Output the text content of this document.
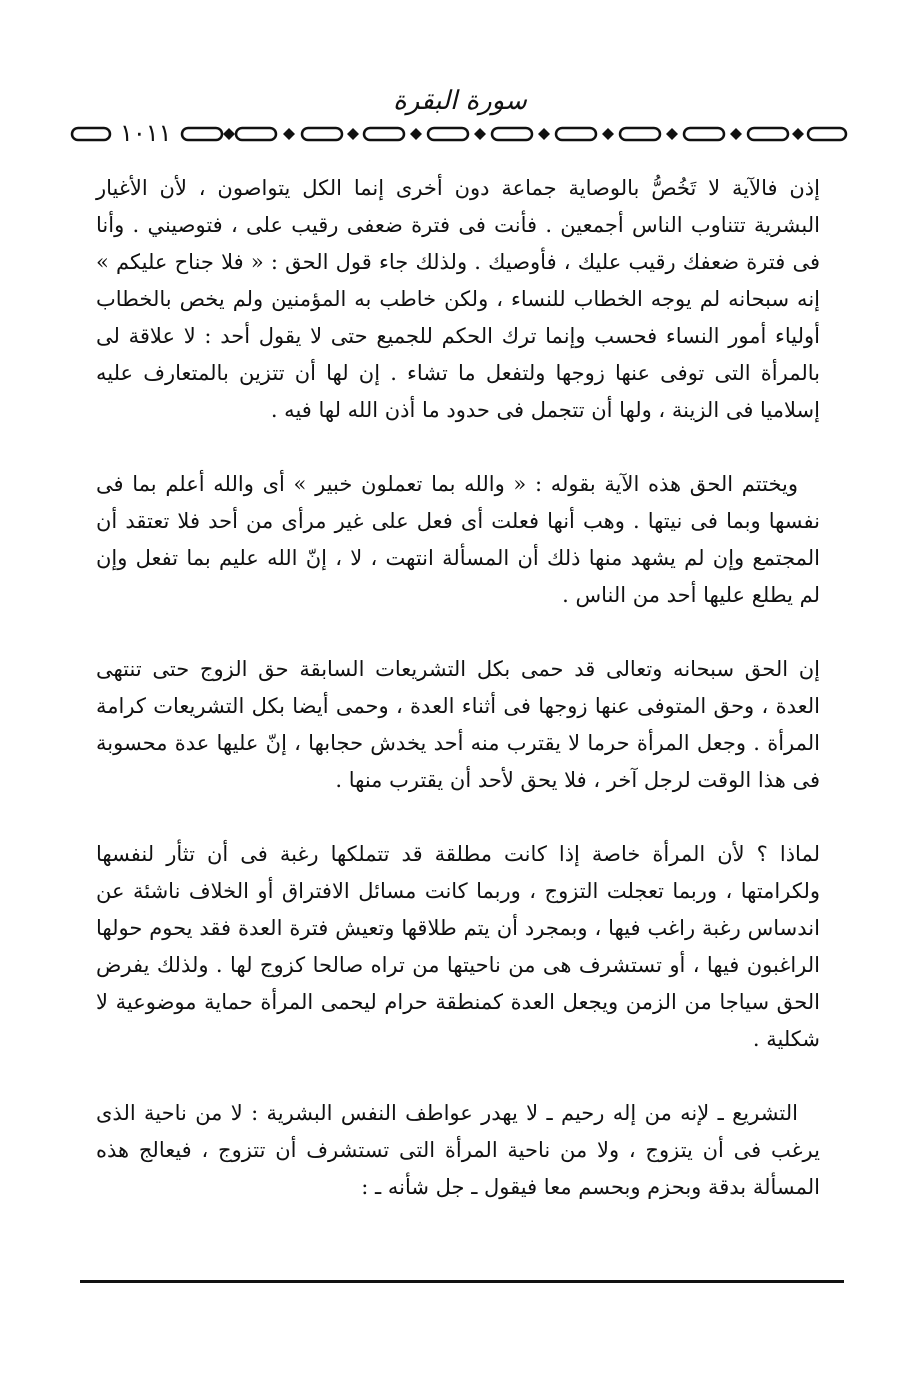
سورة البقرة
١٠١١

إذن فالآية لا تَخُصُّ بالوصاية جماعة دون أخرى إنما الكل يتواصون ، لأن الأغيار البشرية تتناوب الناس أجمعين . فأنت فى فترة ضعفى رقيب على ، فتوصيني . وأنا فى فترة ضعفك رقيب عليك ، فأوصيك . ولذلك جاء قول الحق : « فلا جناح عليكم » إنه سبحانه لم يوجه الخطاب للنساء ، ولكن خاطب به المؤمنين ولم يخص بالخطاب أولياء أمور النساء فحسب وإنما ترك الحكم للجميع حتى لا يقول أحد : لا علاقة لى بالمرأة التى توفى عنها زوجها ولتفعل ما تشاء . إن لها أن تتزين بالمتعارف عليه إسلاميا فى الزينة ، ولها أن تتجمل فى حدود ما أذن الله لها فيه .

ويختتم الحق هذه الآية بقوله : « والله بما تعملون خبير » أى والله أعلم بما فى نفسها وبما فى نيتها . وهب أنها فعلت أى فعل على غير مرأى من أحد فلا تعتقد أن المجتمع وإن لم يشهد منها ذلك أن المسألة انتهت ، لا ، إنّ الله عليم بما تفعل وإن لم يطلع عليها أحد من الناس .

إن الحق سبحانه وتعالى قد حمى بكل التشريعات السابقة حق الزوج حتى تنتهى العدة ، وحق المتوفى عنها زوجها فى أثناء العدة ، وحمى أيضا بكل التشريعات كرامة المرأة . وجعل المرأة حرما لا يقترب منه أحد يخدش حجابها ، إنّ عليها عدة محسوبة فى هذا الوقت لرجل آخر ، فلا يحق لأحد أن يقترب منها .

لماذا ؟ لأن المرأة خاصة إذا كانت مطلقة قد تتملكها رغبة فى أن تثأر لنفسها ولكرامتها ، وربما تعجلت التزوج ، وربما كانت مسائل الافتراق أو الخلاف ناشئة عن اندساس رغبة راغب فيها ، وبمجرد أن يتم طلاقها وتعيش فترة العدة فقد يحوم حولها الراغبون فيها ، أو تستشرف هى من ناحيتها من تراه صالحا كزوج لها . ولذلك يفرض الحق سياجا من الزمن ويجعل العدة كمنطقة حرام ليحمى المرأة حماية موضوعية لا شكلية .

التشريع ـ لإنه من إله رحيم ـ لا يهدر عواطف النفس البشرية : لا من ناحية الذى يرغب فى أن يتزوج ، ولا من ناحية المرأة التى تستشرف أن تتزوج ، فيعالج هذه المسألة بدقة وبحزم وبحسم معا فيقول ـ جل شأنه ـ :
